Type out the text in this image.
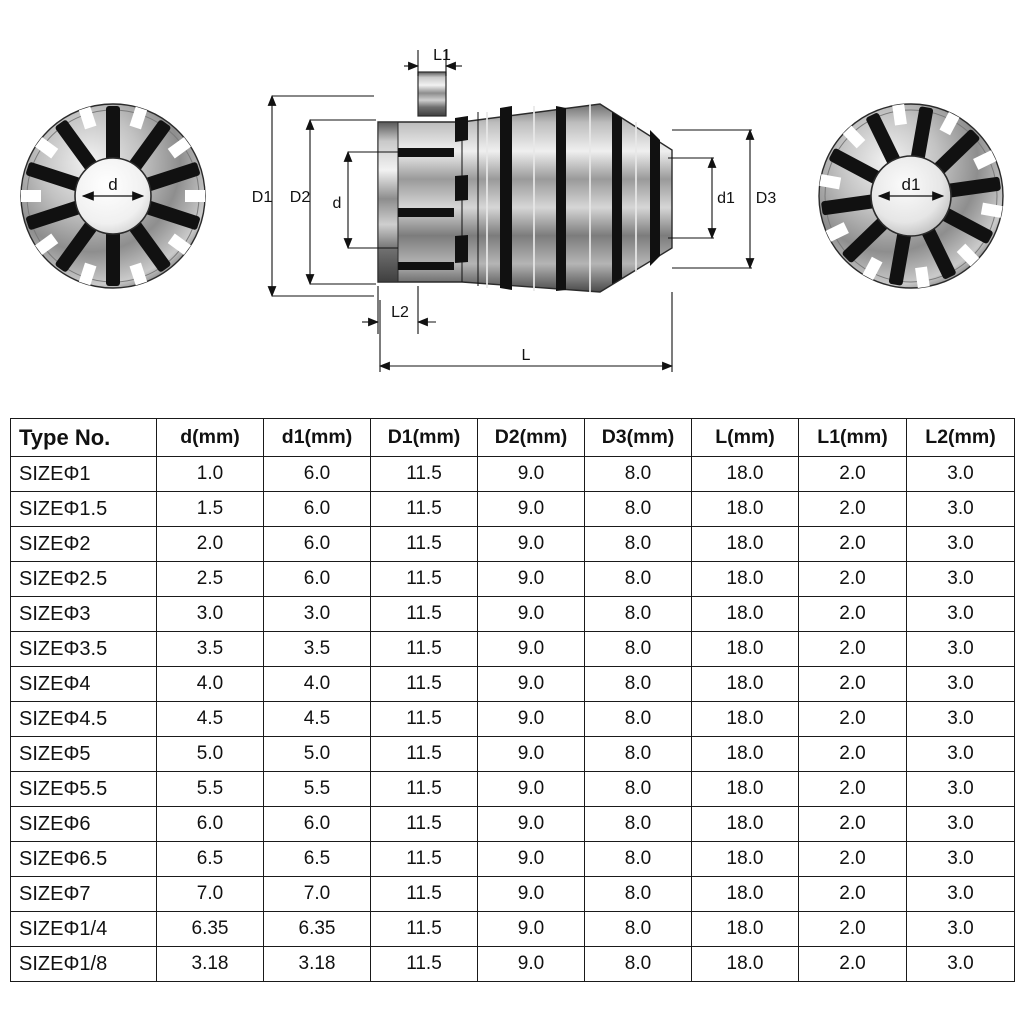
d	d1
L1
D1 D2 d	d1 D3
L2
L
Type No.	d(mm)	d1(mm)	D1(mm)	D2(mm)	D3(mm)	L(mm)	L1(mm)	L2(mm)
SIZEΦ1	1.0	6.0	11.5	9.0	8.0	18.0	2.0	3.0
SIZEΦ1.5	1.5	6.0	11.5	9.0	8.0	18.0	2.0	3.0
SIZEΦ2	2.0	6.0	11.5	9.0	8.0	18.0	2.0	3.0
SIZEΦ2.5	2.5	6.0	11.5	9.0	8.0	18.0	2.0	3.0
SIZEΦ3	3.0	3.0	11.5	9.0	8.0	18.0	2.0	3.0
SIZEΦ3.5	3.5	3.5	11.5	9.0	8.0	18.0	2.0	3.0
SIZEΦ4	4.0	4.0	11.5	9.0	8.0	18.0	2.0	3.0
SIZEΦ4.5	4.5	4.5	11.5	9.0	8.0	18.0	2.0	3.0
SIZEΦ5	5.0	5.0	11.5	9.0	8.0	18.0	2.0	3.0
SIZEΦ5.5	5.5	5.5	11.5	9.0	8.0	18.0	2.0	3.0
SIZEΦ6	6.0	6.0	11.5	9.0	8.0	18.0	2.0	3.0
SIZEΦ6.5	6.5	6.5	11.5	9.0	8.0	18.0	2.0	3.0
SIZEΦ7	7.0	7.0	11.5	9.0	8.0	18.0	2.0	3.0
SIZEΦ1/4	6.35	6.35	11.5	9.0	8.0	18.0	2.0	3.0
SIZEΦ1/8	3.18	3.18	11.5	9.0	8.0	18.0	2.0	3.0
